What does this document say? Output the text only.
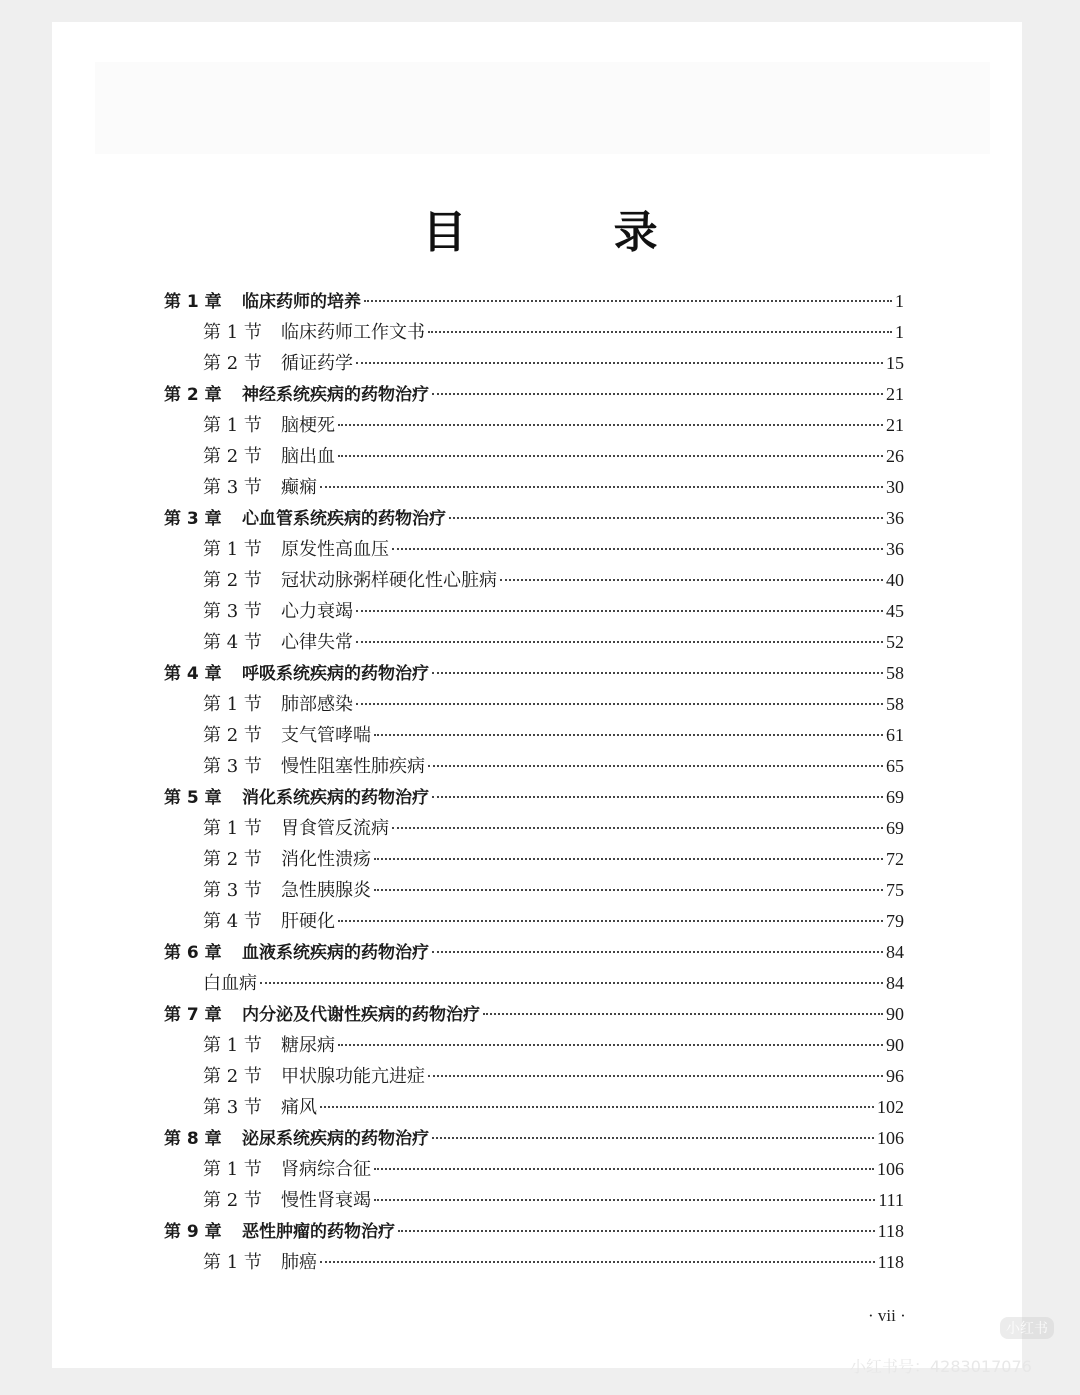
目 录
第 1 章	临床药师的培养	1
第 1 节	临床药师工作文书	1
第 2 节	循证药学	15
第 2 章	神经系统疾病的药物治疗	21
第 1 节	脑梗死	21
第 2 节	脑出血	26
第 3 节	癫痫	30
第 3 章	心血管系统疾病的药物治疗	36
第 1 节	原发性高血压	36
第 2 节	冠状动脉粥样硬化性心脏病	40
第 3 节	心力衰竭	45
第 4 节	心律失常	52
第 4 章	呼吸系统疾病的药物治疗	58
第 1 节	肺部感染	58
第 2 节	支气管哮喘	61
第 3 节	慢性阻塞性肺疾病	65
第 5 章	消化系统疾病的药物治疗	69
第 1 节	胃食管反流病	69
第 2 节	消化性溃疡	72
第 3 节	急性胰腺炎	75
第 4 节	肝硬化	79
第 6 章	血液系统疾病的药物治疗	84
白血病	84
第 7 章	内分泌及代谢性疾病的药物治疗	90
第 1 节	糖尿病	90
第 2 节	甲状腺功能亢进症	96
第 3 节	痛风	102
第 8 章	泌尿系统疾病的药物治疗	106
第 1 节	肾病综合征	106
第 2 节	慢性肾衰竭	111
第 9 章	恶性肿瘤的药物治疗	118
第 1 节	肺癌	118
· vii ·
小红书
小红书号：4283017076
